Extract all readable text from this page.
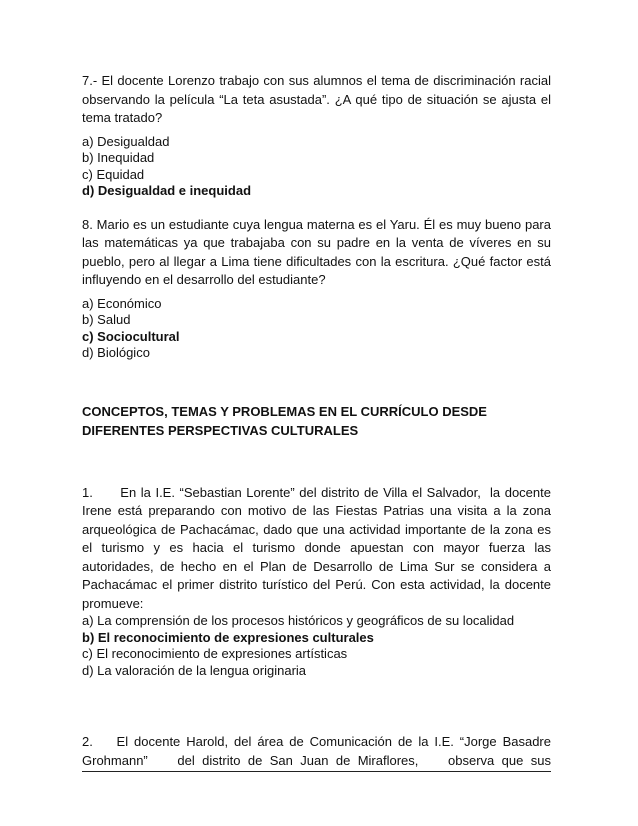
7.- El docente Lorenzo trabajo con sus alumnos el tema de discriminación racial observando la película “La teta asustada”. ¿A qué tipo de situación se ajusta el tema tratado?

a) Desigualdad

b) Inequidad

c) Equidad

d) Desigualdad e inequidad

8. Mario es un estudiante cuya lengua materna es el Yaru. Él es muy bueno para las matemáticas ya que trabajaba con su padre en la venta de víveres en su pueblo, pero al llegar a Lima tiene dificultades con la escritura. ¿Qué factor está influyendo en el desarrollo del estudiante?

a) Económico

b) Salud

c) Sociocultural

d) Biológico

CONCEPTOS, TEMAS Y PROBLEMAS EN EL CURRÍCULO DESDE

DIFERENTES PERSPECTIVAS CULTURALES

1.      En la I.E. “Sebastian Lorente” del distrito de Villa el Salvador,  la docente Irene está preparando con motivo de las Fiestas Patrias una visita a la zona arqueológica de Pachacámac, dado que una actividad importante de la zona es el turismo y es hacia el turismo donde apuestan con mayor fuerza las autoridades, de hecho en el Plan de Desarrollo de Lima Sur se considera a Pachacámac el primer distrito turístico del Perú. Con esta actividad, la docente promueve:

a) La comprensión de los procesos históricos y geográficos de su localidad

b) El reconocimiento de expresiones culturales

c) El reconocimiento de expresiones artísticas

d) La valoración de la lengua originaria

2.    El docente Harold, del área de Comunicación de la I.E. “Jorge Basadre Grohmann”    del distrito de San Juan de Miraflores,    observa que sus
